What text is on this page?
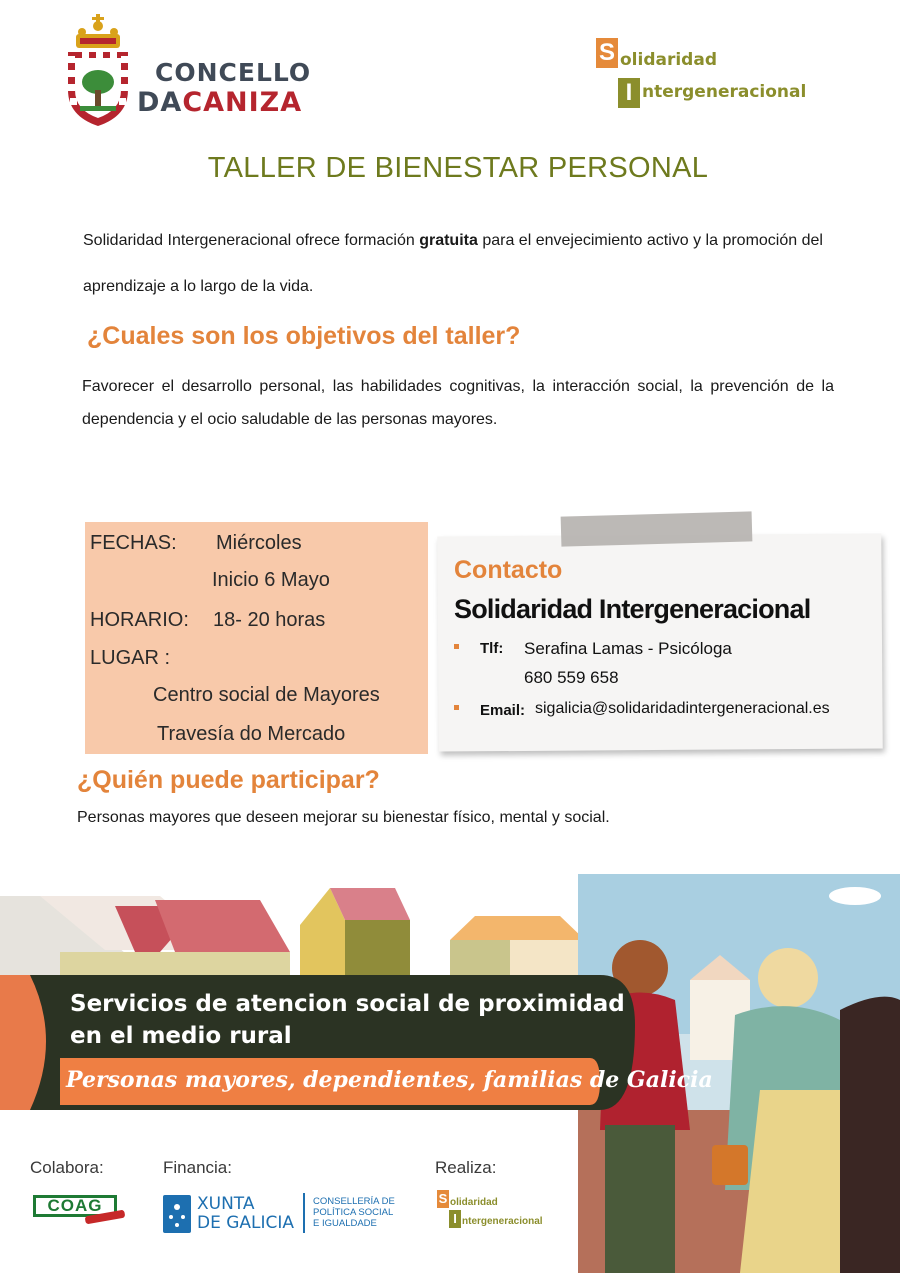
CONCELLO
DACANIZA
S olidaridad
I ntergeneracional
TALLER DE BIENESTAR PERSONAL
Solidaridad Intergeneracional ofrece formación gratuita para el envejecimiento activo y la promoción del aprendizaje a lo largo de la vida.
¿Cuales son los objetivos del taller?
Favorecer el desarrollo personal, las habilidades cognitivas, la interacción social, la prevención de la dependencia y el ocio saludable de las personas mayores.
FECHAS: Miércoles
Inicio 6 Mayo
HORARIO: 18- 20 horas
LUGAR :
Centro social de Mayores
Travesía do Mercado
Contacto
Solidaridad Intergeneracional
Tlf: Serafina Lamas - Psicóloga
680 559 658
Email: sigalicia@solidaridadintergeneracional.es
¿Quién puede participar?
Personas mayores que deseen mejorar su bienestar físico, mental y social.
Servicios de atencion social de proximidad
en el medio rural
Personas mayores, dependientes, familias de Galicia
Colabora:	Financia:	Realiza:
COAG	XUNTA
DE GALICIA
CONSELLERÍA DE
POLÍTICA SOCIAL
E IGUALDADE
S olidaridad
I ntergeneracional
